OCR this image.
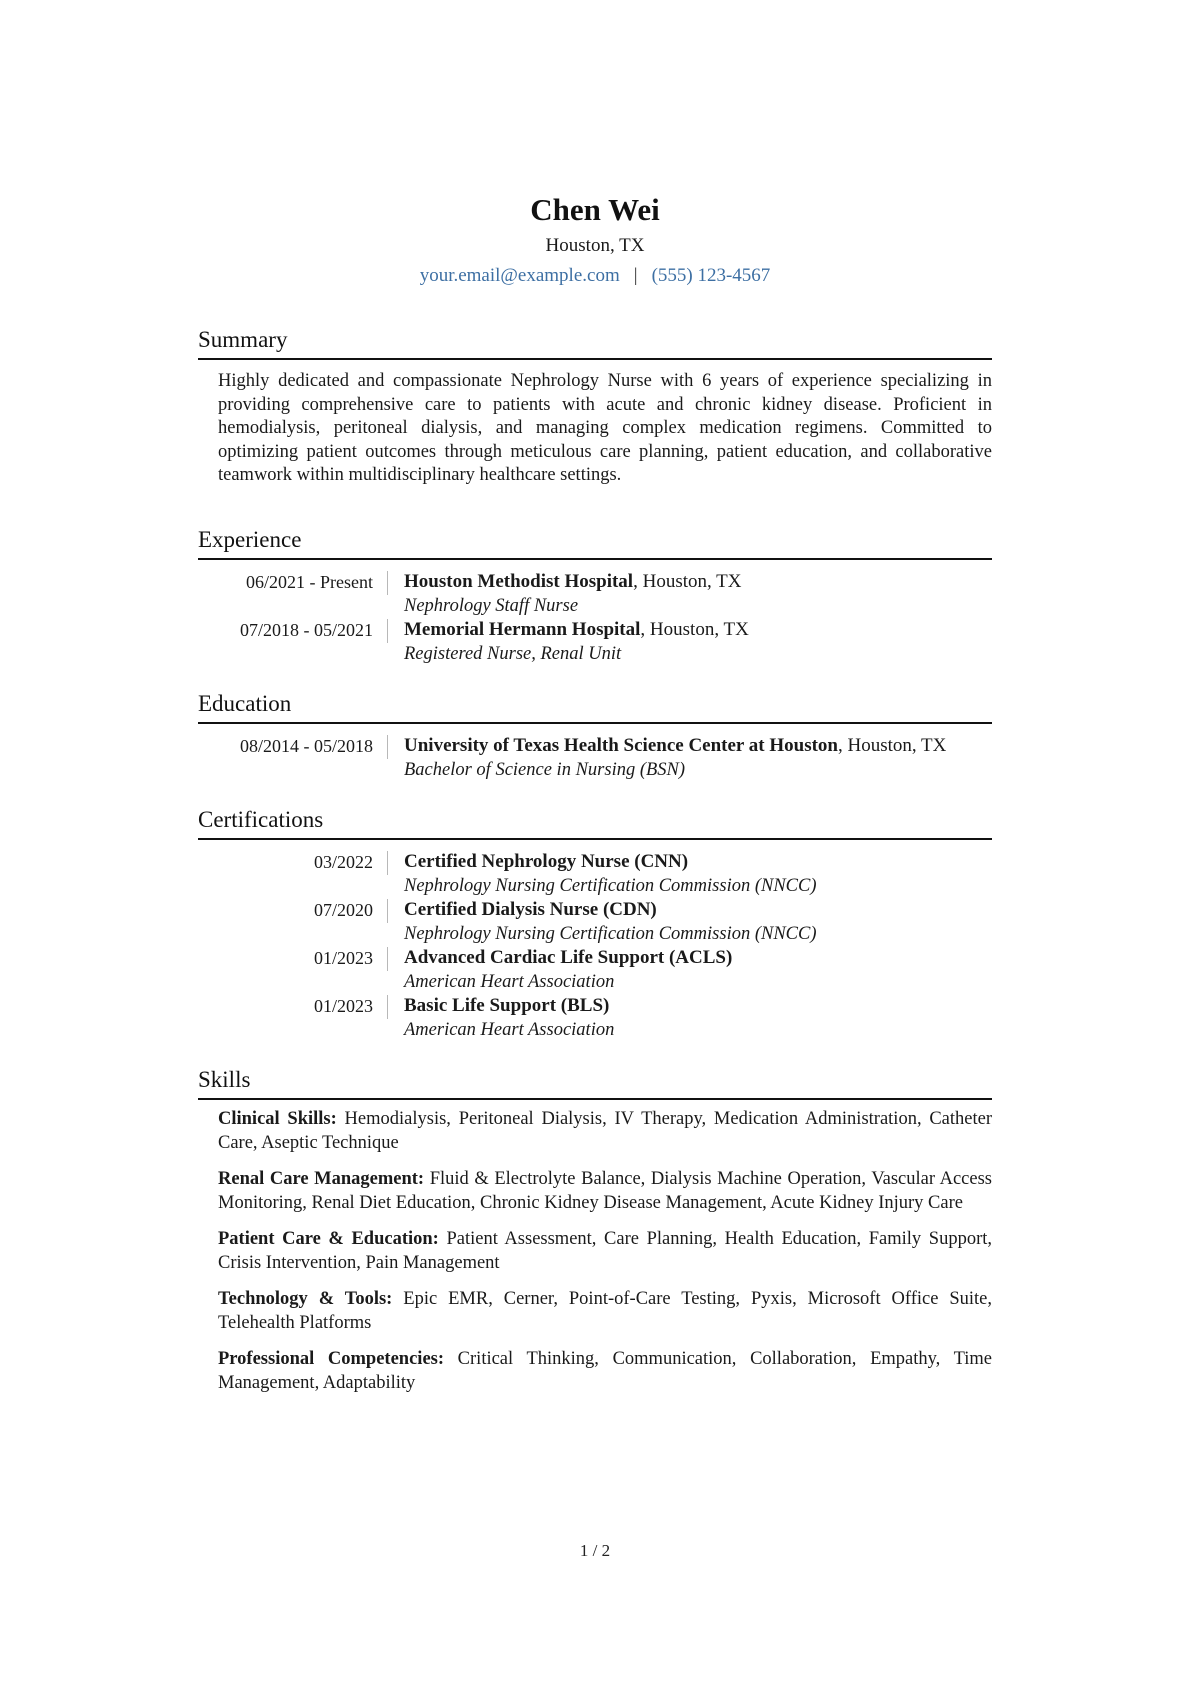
Chen Wei
Houston, TX
your.email@example.com | (555) 123-4567
Summary
Highly dedicated and compassionate Nephrology Nurse with 6 years of experience specializing in providing comprehensive care to patients with acute and chronic kidney disease. Proficient in hemodialysis, peritoneal dialysis, and managing complex medication regimens. Committed to optimizing patient outcomes through meticulous care planning, patient education, and collaborative teamwork within multidisciplinary healthcare settings.
Experience
06/2021 - Present	Houston Methodist Hospital, Houston, TX
Nephrology Staff Nurse
07/2018 - 05/2021	Memorial Hermann Hospital, Houston, TX
Registered Nurse, Renal Unit
Education
08/2014 - 05/2018	University of Texas Health Science Center at Houston, Houston, TX
Bachelor of Science in Nursing (BSN)
Certifications
03/2022	Certified Nephrology Nurse (CNN)
Nephrology Nursing Certification Commission (NNCC)
07/2020	Certified Dialysis Nurse (CDN)
Nephrology Nursing Certification Commission (NNCC)
01/2023	Advanced Cardiac Life Support (ACLS)
American Heart Association
01/2023	Basic Life Support (BLS)
American Heart Association
Skills
Clinical Skills: Hemodialysis, Peritoneal Dialysis, IV Therapy, Medication Administration, Catheter Care, Aseptic Technique
Renal Care Management: Fluid & Electrolyte Balance, Dialysis Machine Operation, Vascular Access Monitoring, Renal Diet Education, Chronic Kidney Disease Management, Acute Kidney Injury Care
Patient Care & Education: Patient Assessment, Care Planning, Health Education, Family Support, Crisis Intervention, Pain Management
Technology & Tools: Epic EMR, Cerner, Point-of-Care Testing, Pyxis, Microsoft Office Suite, Telehealth Platforms
Professional Competencies: Critical Thinking, Communication, Collaboration, Empathy, Time Management, Adaptability
1 / 2
